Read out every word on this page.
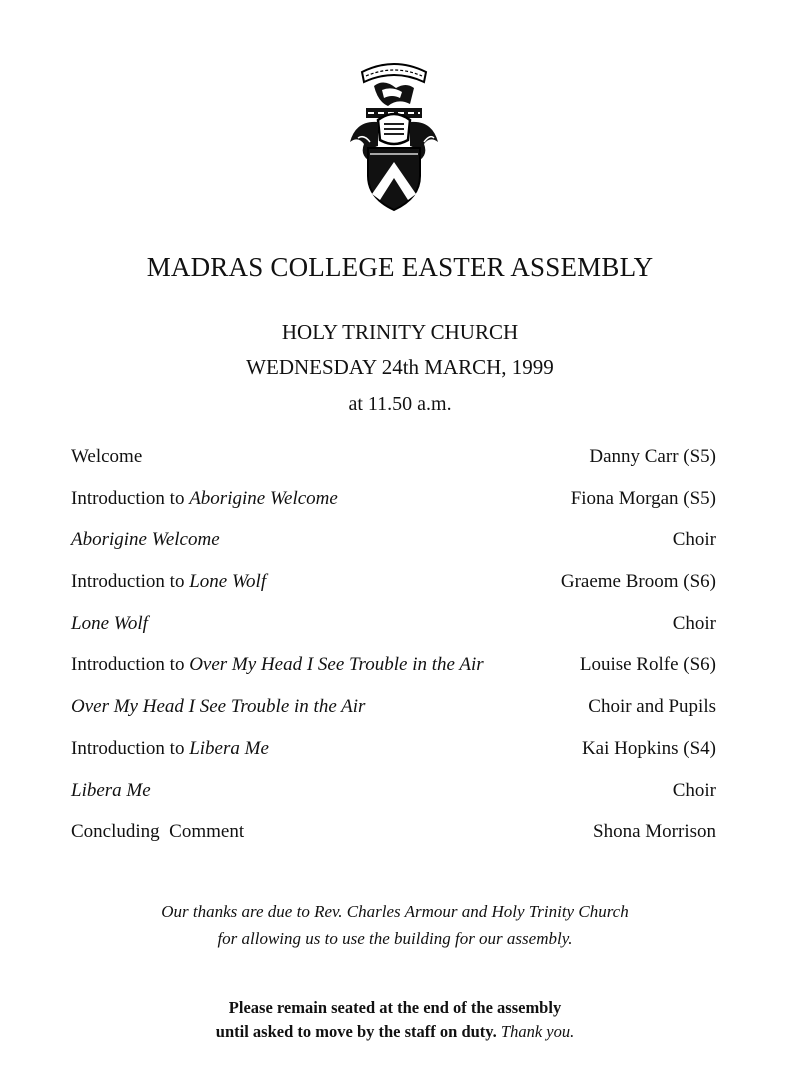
MADRAS COLLEGE EASTER ASSEMBLY
HOLY TRINITY CHURCH
WEDNESDAY 24th MARCH, 1999
at 11.50 a.m.
Welcome	Danny Carr (S5)
Introduction to Aborigine Welcome	Fiona Morgan (S5)
Aborigine Welcome	Choir
Introduction to Lone Wolf	Graeme Broom (S6)
Lone Wolf	Choir
Introduction to Over My Head I See Trouble in the Air	Louise Rolfe (S6)
Over My Head I See Trouble in the Air	Choir and Pupils
Introduction to Libera Me	Kai Hopkins (S4)
Libera Me	Choir
Concluding  Comment	Shona Morrison
Our thanks are due to Rev. Charles Armour and Holy Trinity Church
for allowing us to use the building for our assembly.
Please remain seated at the end of the assembly
until asked to move by the staff on duty. Thank you.
